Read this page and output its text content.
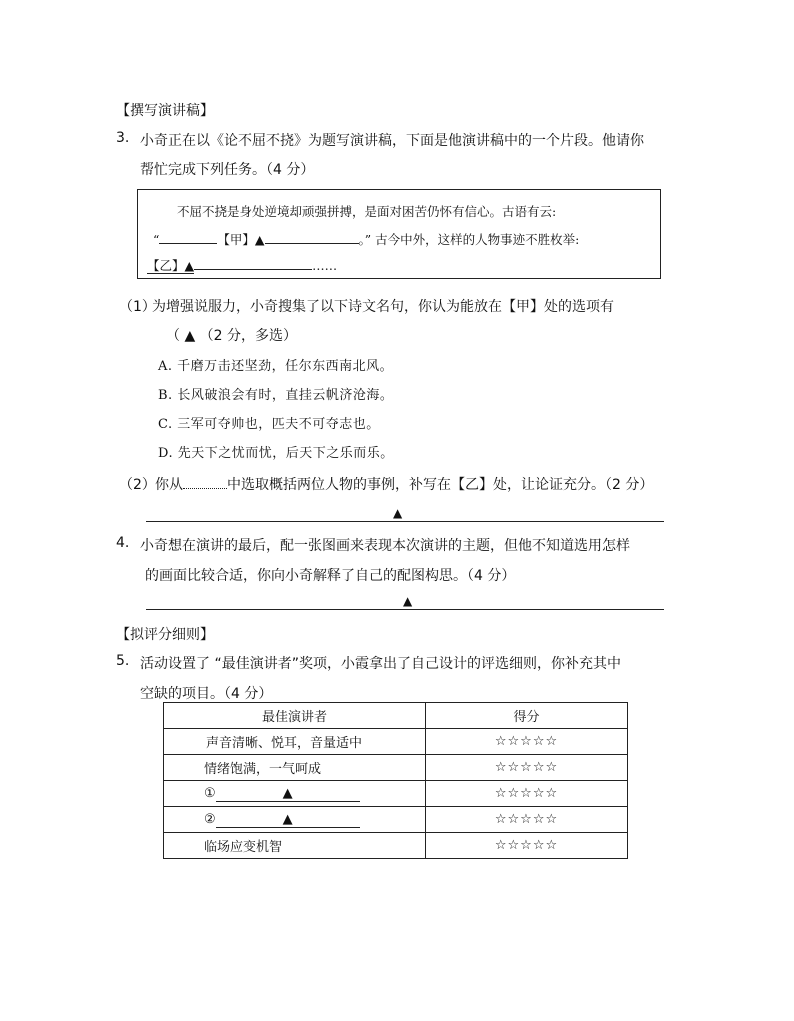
【撰写演讲稿】
3. 小奇正在以《论不屈不挠》为题写演讲稿，下面是他演讲稿中的一个片段。他请你
帮忙完成下列任务。（4 分）
不屈不挠是身处逆境却顽强拼搏，是面对困苦仍怀有信心。古语有云:
“	【甲】▲	。” 古今中外，这样的人物事迹不胜枚举:
【乙】▲	……
（1）
为增强说服力，小奇搜集了以下诗文名句，你认为能放在【甲】处的选项有
（ ▲ （2 分，多选）
A. 千磨万击还坚劲，任尔东西南北风。
B. 长风破浪会有时，直挂云帆济沧海。
C. 三军可夺帅也，匹夫不可夺志也。
D. 先天下之忧而忧，后天下之乐而乐。
（2） 你从	中选取概括两位人物的事例，补写在【乙】处，让论证充分。（2 分）
▲
4. 小奇想在演讲的最后，配一张图画来表现本次演讲的主题，但他不知道选用怎样
的画面比较合适，你向小奇解释了自己的配图构思。（4 分）
▲
【拟评分细则】
5. 活动设置了 “最佳演讲者”奖项，小霞拿出了自己设计的评选细则，你补充其中
空缺的项目。（4 分）
最佳演讲者	得分
声音清晰、悦耳，音量适中	☆☆☆☆☆
情绪饱满，一气呵成	☆☆☆☆☆
① ▲	☆☆☆☆☆
② ▲	☆☆☆☆☆
临场应变机智	☆☆☆☆☆
